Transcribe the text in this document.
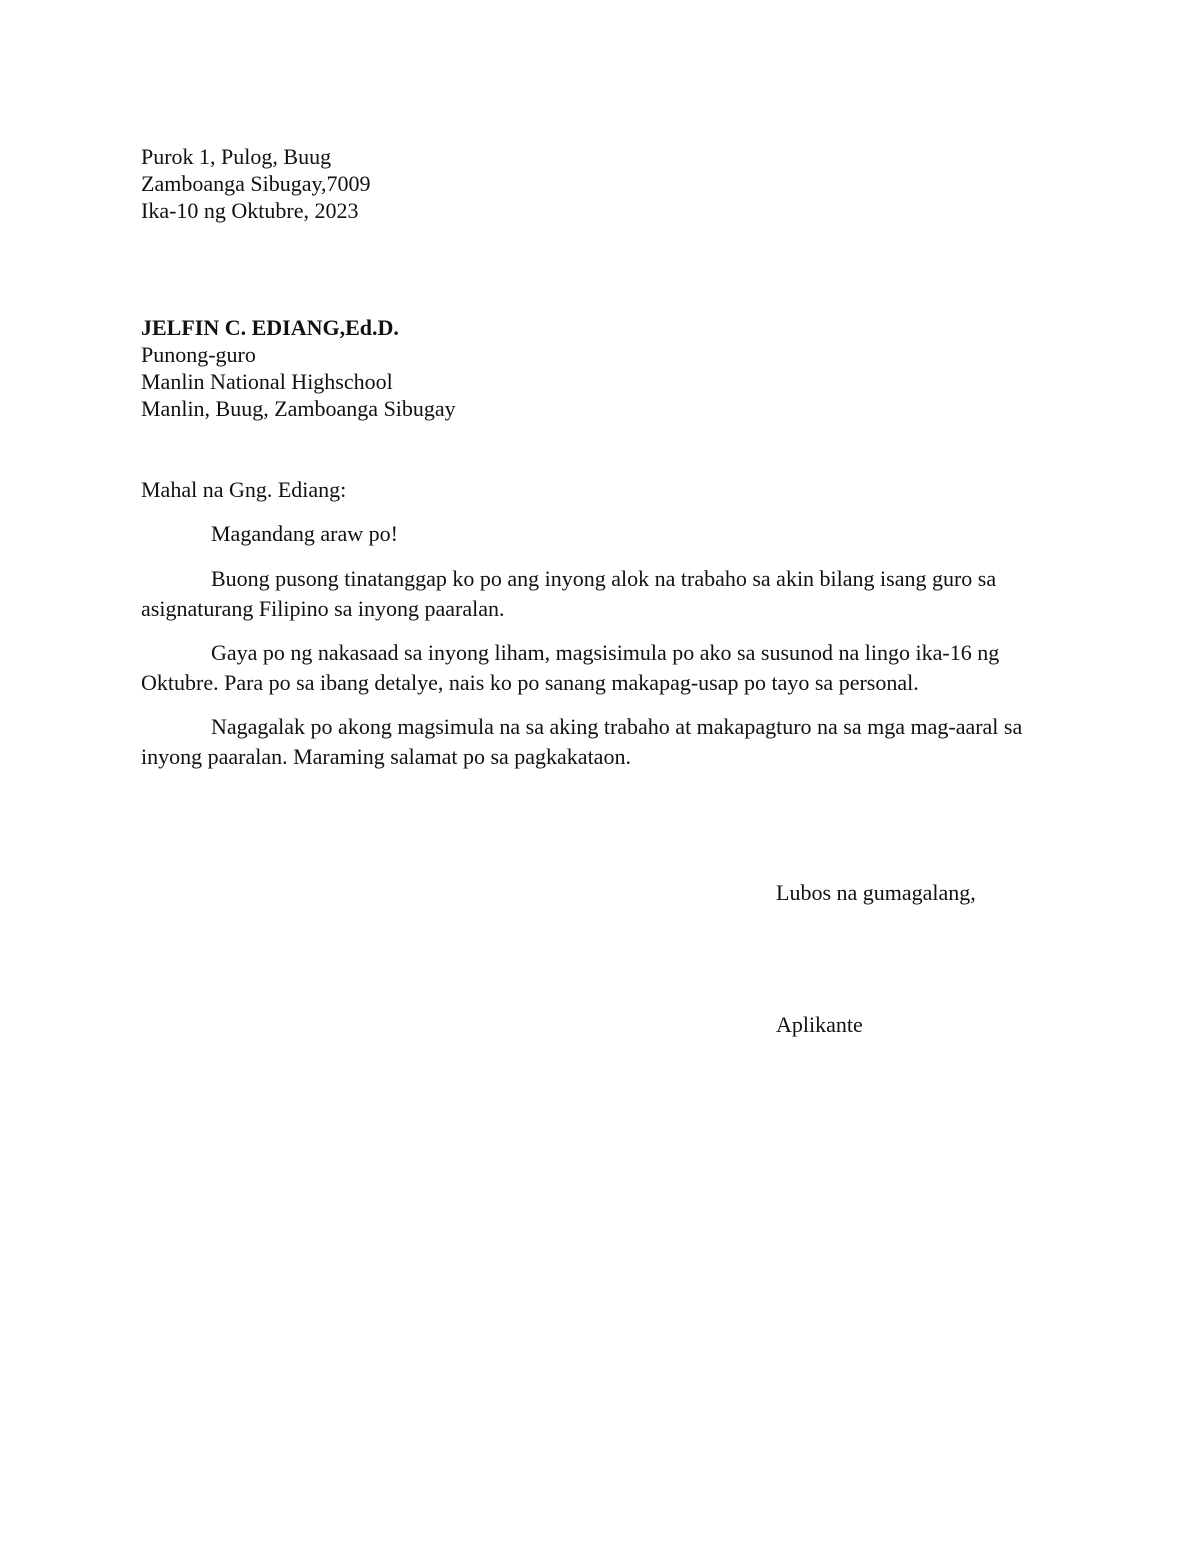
Purok 1, Pulog, Buug
Zamboanga Sibugay,7009
Ika-10 ng Oktubre, 2023
JELFIN C. EDIANG,Ed.D.
Punong-guro
Manlin National Highschool
Manlin, Buug, Zamboanga Sibugay

Mahal na Gng. Ediang:

Magandang araw po!

Buong pusong tinatanggap ko po ang inyong alok na trabaho sa akin bilang isang guro sa asignaturang Filipino sa inyong paaralan.

Gaya po ng nakasaad sa inyong liham, magsisimula po ako sa susunod na lingo ika-16 ng Oktubre. Para po sa ibang detalye, nais ko po sanang makapag-usap po tayo sa personal.

Nagagalak po akong magsimula na sa aking trabaho at makapagturo na sa mga mag-aaral sa inyong paaralan. Maraming salamat po sa pagkakataon.

Lubos na gumagalang,

Aplikante
